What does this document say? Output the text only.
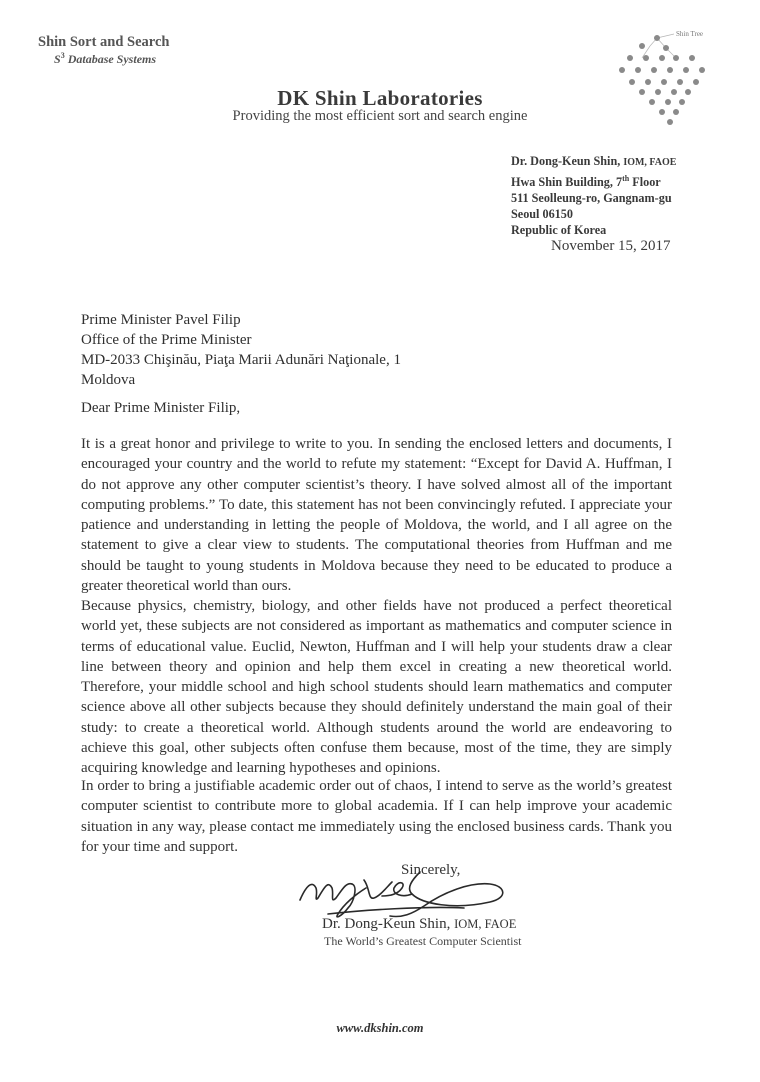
Shin Sort and Search
$S^3$ Database Systems
Shin Tree
DK Shin Laboratories
Providing the most efficient sort and search engine
Dr. Dong-Keun Shin, IOM, FAOE
Hwa Shin Building, 7th Floor
511 Seolleung-ro, Gangnam-gu
Seoul 06150
Republic of Korea
November 15, 2017
Prime Minister Pavel Filip
Office of the Prime Minister
MD-2033 Chişinău, Piaţa Marii Adunări Naţionale, 1
Moldova
Dear Prime Minister Filip,
It is a great honor and privilege to write to you. In sending the enclosed letters and documents, I encouraged your country and the world to refute my statement: “Except for David A. Huffman, I do not approve any other computer scientist’s theory. I have solved almost all of the important computing problems.” To date, this statement has not been convincingly refuted. I appreciate your patience and understanding in letting the people of Moldova, the world, and I all agree on the statement to give a clear view to students. The computational theories from Huffman and me should be taught to young students in Moldova because they need to be educated to produce a greater theoretical world than ours.
Because physics, chemistry, biology, and other fields have not produced a perfect theoretical world yet, these subjects are not considered as important as mathematics and computer science in terms of educational value. Euclid, Newton, Huffman and I will help your students draw a clear line between theory and opinion and help them excel in creating a new theoretical world. Therefore, your middle school and high school students should learn mathematics and computer science above all other subjects because they should definitely understand the main goal of their study: to create a theoretical world. Although students around the world are endeavoring to achieve this goal, other subjects often confuse them because, most of the time, they are simply acquiring knowledge and learning hypotheses and opinions.
In order to bring a justifiable academic order out of chaos, I intend to serve as the world’s greatest computer scientist to contribute more to global academia. If I can help improve your academic situation in any way, please contact me immediately using the enclosed business cards. Thank you for your time and support.
Sincerely,
Dr. Dong-Keun Shin, IOM, FAOE
The World’s Greatest Computer Scientist
www.dkshin.com
